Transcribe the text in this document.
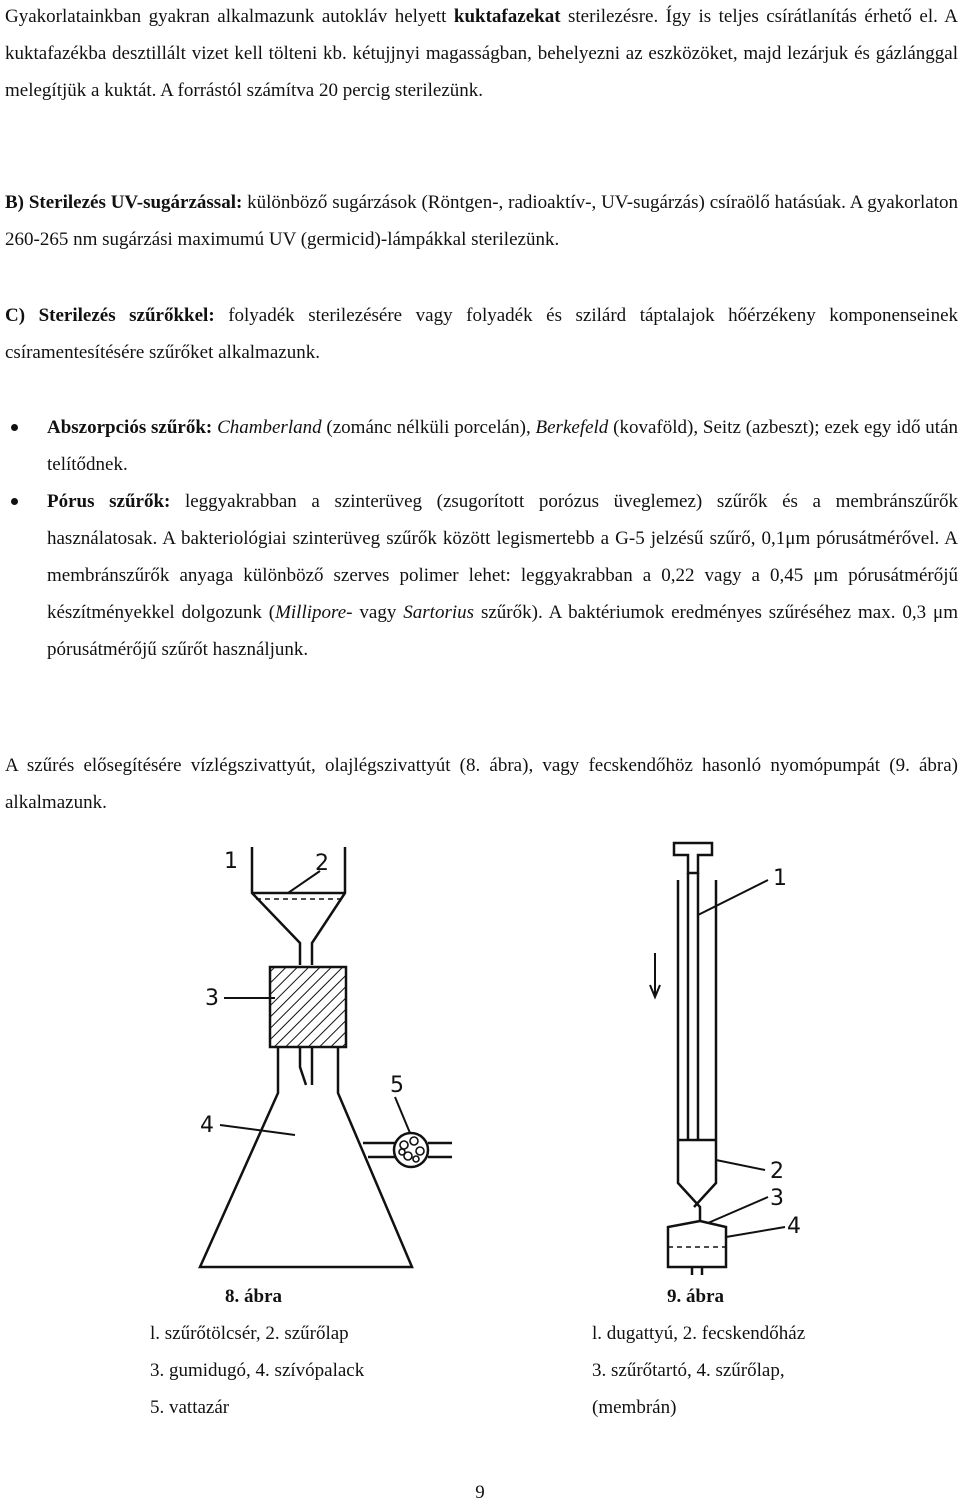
Gyakorlatainkban gyakran alkalmazunk autokláv helyett kuktafazekat sterilezésre. Így is teljes csírátlanítás érhető el. A kuktafazékba desztillált vizet kell tölteni kb. kétujjnyi magasságban, behelyezni az eszközöket, majd lezárjuk és gázlánggal melegítjük a kuktát. A forrástól számítva 20 percig sterilezünk.

B) Sterilezés UV-sugárzással: különböző sugárzások (Röntgen-, radioaktív-, UV-sugárzás) csíraölő hatásúak. A gyakorlaton 260-265 nm sugárzási maximumú UV (germicid)-lámpákkal sterilezünk.

C) Sterilezés szűrőkkel: folyadék sterilezésére vagy folyadék és szilárd táptalajok hőérzékeny komponenseinek csíramentesítésére szűrőket alkalmazunk.

Abszorpciós szűrők: Chamberland (zománc nélküli porcelán), Berkefeld (kovaföld), Seitz (azbeszt); ezek egy idő után telítődnek.
Pórus szűrők: leggyakrabban a szinterüveg (zsugorított porózus üveglemez) szűrők és a membránszűrők használatosak. A bakteriológiai szinterüveg szűrők között legismertebb a G-5 jelzésű szűrő, 0,1μm pórusátmérővel. A membránszűrők anyaga különböző szerves polimer lehet: leggyakrabban a 0,22 vagy a 0,45 μm pórusátmérőjű készítményekkel dolgozunk (Millipore- vagy Sartorius szűrők). A baktériumok eredményes szűréséhez max. 0,3 μm pórusátmérőjű szűrőt használjunk.

A szűrés elősegítésére vízlégszivattyút, olajlégszivattyút (8. ábra), vagy fecskendőhöz hasonló nyomópumpát (9. ábra) alkalmazunk.

1	2
3
4
5
1
2
3
4
8. ábra
l. szűrőtölcsér, 2. szűrőlap
3. gumidugó, 4. szívópalack
5. vattazár
9. ábra
l. dugattyú, 2. fecskendőház
3. szűrőtartó, 4. szűrőlap,
(membrán)
9
